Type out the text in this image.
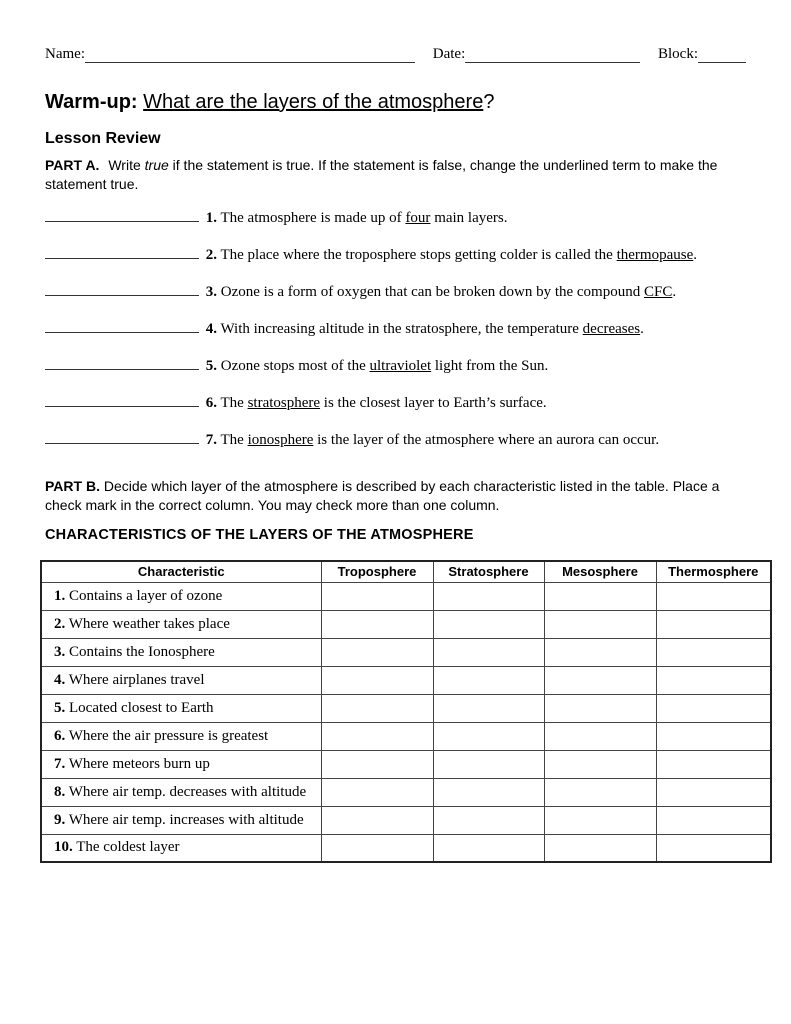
Name:	Date:	Block:
Warm-up: What are the layers of the atmosphere?
Lesson Review

PART A. Write true if the statement is true. If the statement is false, change the underlined term to make the statement true.

1. The atmosphere is made up of four main layers.
2. The place where the troposphere stops getting colder is called the thermopause.
3. Ozone is a form of oxygen that can be broken down by the compound CFC.
4. With increasing altitude in the stratosphere, the temperature decreases.
5. Ozone stops most of the ultraviolet light from the Sun.
6. The stratosphere is the closest layer to Earth’s surface.
7. The ionosphere is the layer of the atmosphere where an aurora can occur.

PART B. Decide which layer of the atmosphere is described by each characteristic listed in the table. Place a check mark in the correct column. You may check more than one column.

CHARACTERISTICS OF THE LAYERS OF THE ATMOSPHERE
Characteristic	Troposphere	Stratosphere	Mesosphere	Thermosphere
1. Contains a layer of ozone				
2. Where weather takes place				
3. Contains the Ionosphere				
4. Where airplanes travel				
5. Located closest to Earth				
6. Where the air pressure is greatest				
7. Where meteors burn up				
8. Where air temp. decreases with altitude				
9. Where air temp. increases with altitude				
10. The coldest layer				
